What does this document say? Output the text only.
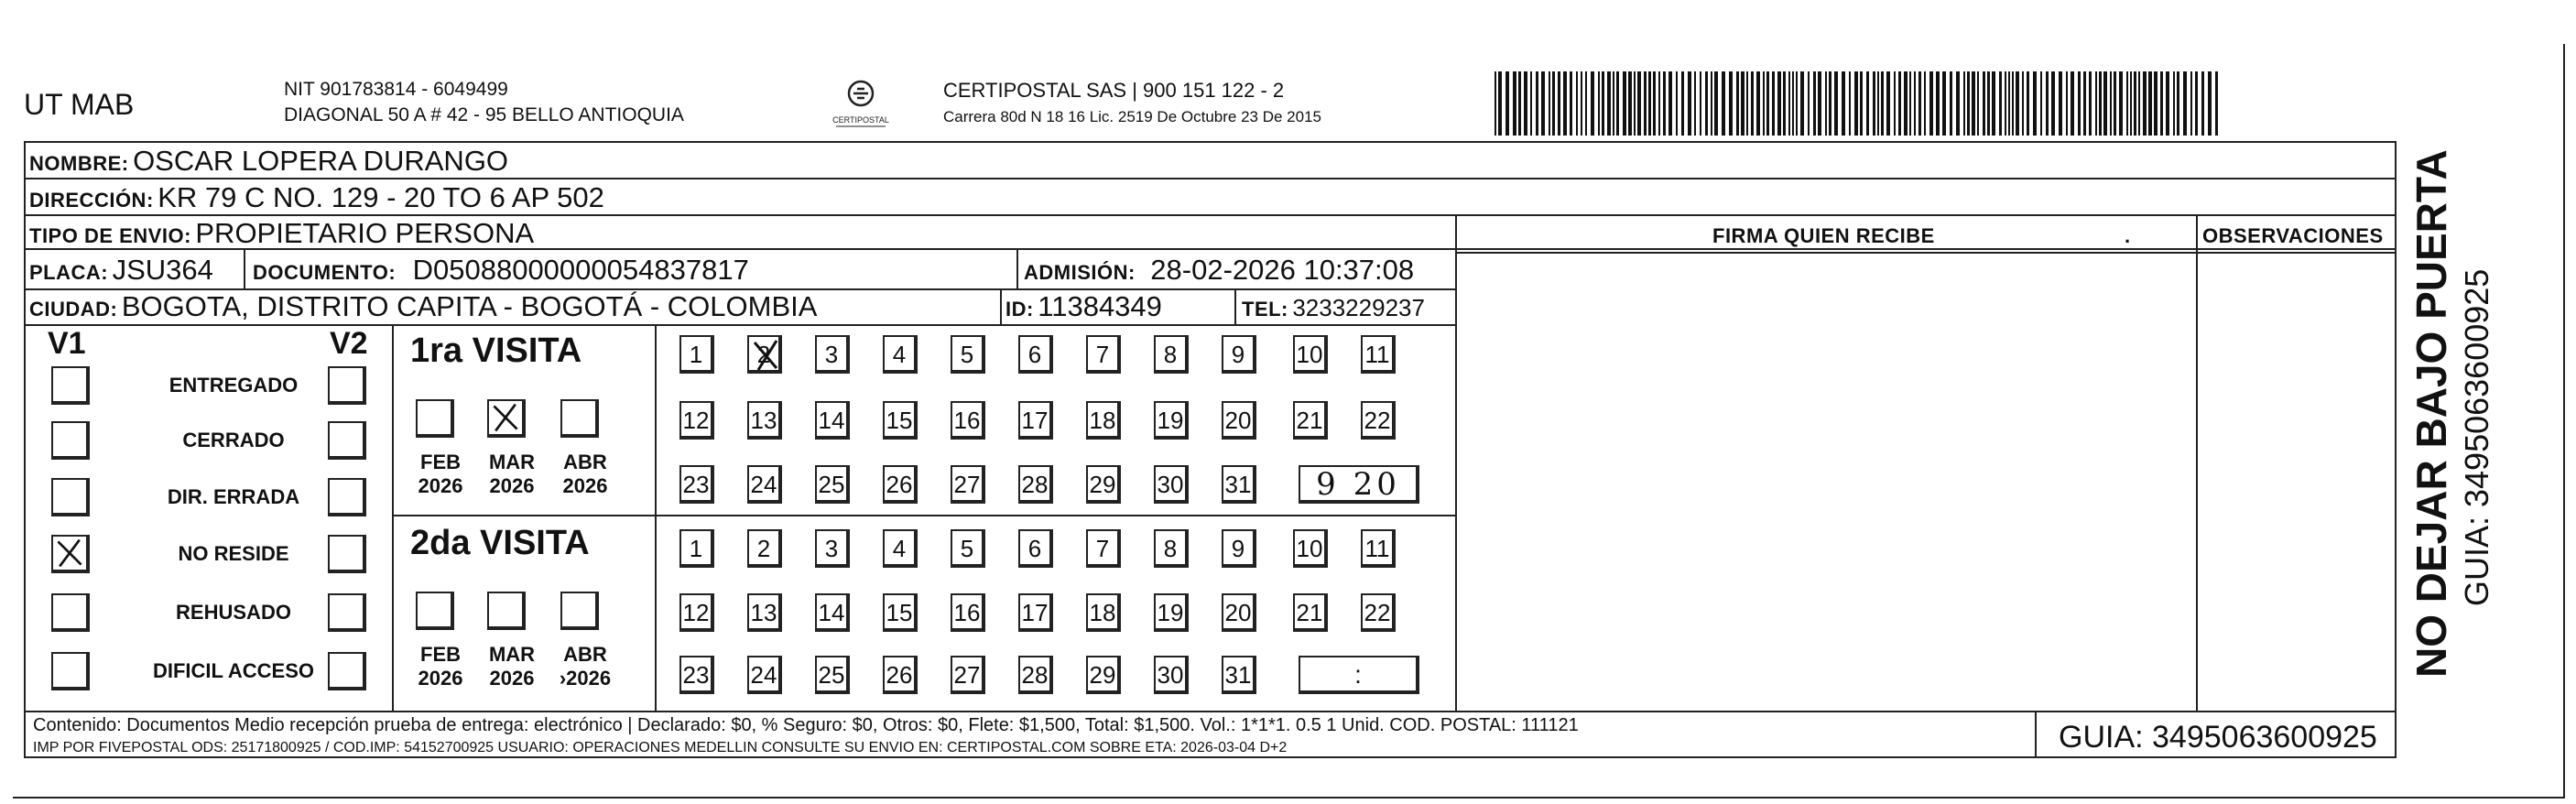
UT MAB	NIT 901783814 - 6049499
DIAGONAL 50 A # 42 - 95 BELLO ANTIOQUIA	CERTIPOSTAL
CERTIPOSTAL SAS | 900 151 122 - 2
Carrera 80d N 18 16 Lic. 2519 De Octubre 23 De 2015
NOMBRE: OSCAR LOPERA DURANGO
DIRECCIÓN: KR 79 C NO. 129 - 20 TO 6 AP 502
TIPO DE ENVIO: PROPIETARIO PERSONA	FIRMA QUIEN RECIBE	.	OBSERVACIONES
PLACA: JSU364 DOCUMENTO: D05088000000054837817	ADMISIÓN: 28-02-2026 10:37:08
CIUDAD: BOGOTA, DISTRITO CAPITA - BOGOTÁ - COLOMBIA	ID: 11384349	TEL: 3233229237
V1	V2 1ra VISITA
2da VISITA
Contenido: Documentos Medio recepción prueba de entrega: electrónico | Declarado: $0, % Seguro: $0, Otros: $0, Flete: $1,500, Total: $1,500. Vol.: 1*1*1. 0.5 1 Unid. COD. POSTAL: 111121
IMP POR FIVEPOSTAL ODS: 25171800925 / COD.IMP: 54152700925 USUARIO: OPERACIONES MEDELLIN CONSULTE SU ENVIO EN: CERTIPOSTAL.COM SOBRE ETA: 2026-03-04 D+2	GUIA: 3495063600925
NO DEJAR BAJO PUERTA GUIA: 3495063600925
ENTREGADO
CERRADO
DIR. ERRADA
NO RESIDE
REHUSADO
DIFICIL ACCESO
FEB
2026
MAR
2026
ABR
2026
FEB
2026
MAR
2026
ABR
›2026
1	2	3	4	5	6	7	8	9	10 11
12 13 14 15 16 17 18 19 20 21 22
23 24 25 26 27 28 29 30 31	9 20
1	2	3	4	5	6	7	8	9	10 11
12 13 14 15 16 17 18 19 20 21 22
23 24 25 26 27 28 29 30 31	:
